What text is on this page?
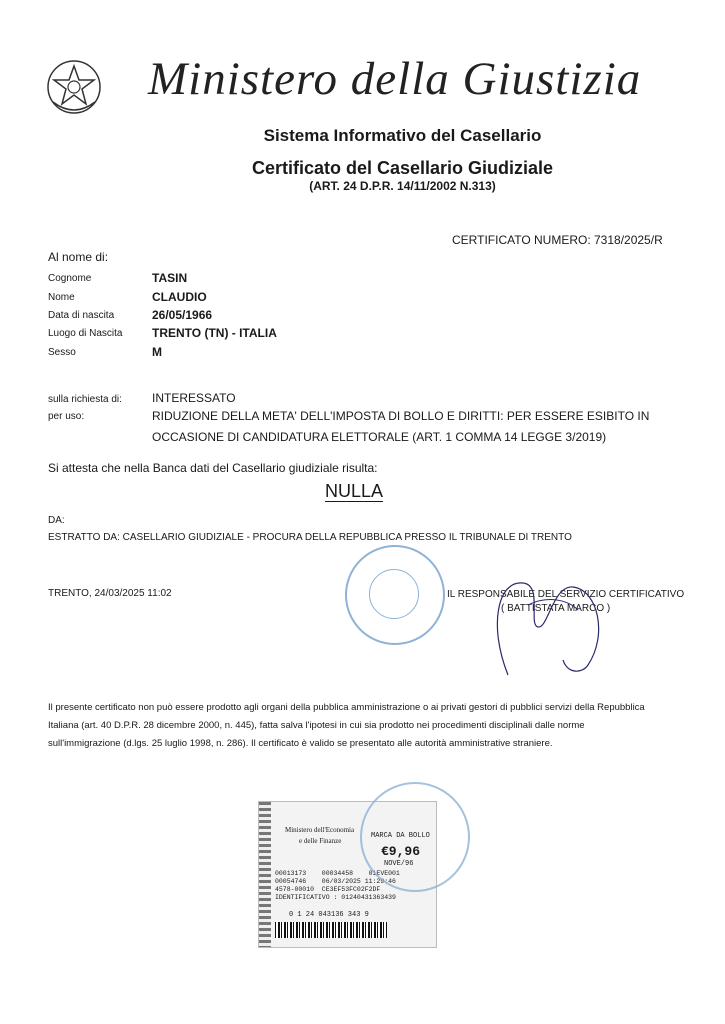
Ministero della Giustizia
Sistema Informativo del Casellario
Certificato del Casellario Giudiziale
(ART. 24 D.P.R. 14/11/2002 N.313)
CERTIFICATO NUMERO: 7318/2025/R
Al nome di:
Cognome	TASIN
Nome	CLAUDIO
Data di nascita	26/05/1966
Luogo di Nascita TRENTO (TN) - ITALIA
Sesso	M
sulla richiesta di:	INTERESSATO
per uso:	RIDUZIONE DELLA META' DELL'IMPOSTA DI BOLLO E DIRITTI: PER ESSERE ESIBITO IN
OCCASIONE DI CANDIDATURA ELETTORALE (ART. 1 COMMA 14 LEGGE 3/2019)
Si attesta che nella Banca dati del Casellario giudiziale risulta:
NULLA
DA:
ESTRATTO DA: CASELLARIO GIUDIZIALE - PROCURA DELLA REPUBBLICA PRESSO IL TRIBUNALE DI TRENTO
TRENTO, 24/03/2025 11:02	IL RESPONSABILE DEL SERVIZIO CERTIFICATIVO
( BATTISTATA MARCO )
Il presente certificato non può essere prodotto agli organi della pubblica amministrazione o ai privati gestori di pubblici servizi della Repubblica
Italiana (art. 40 D.P.R. 28 dicembre 2000, n. 445), fatta salva l'ipotesi in cui sia prodotto nei procedimenti disciplinali dalle norme
sull'immigrazione (d.lgs. 25 luglio 1998, n. 286). Il certificato è valido se presentato alle autorità amministrative straniere.
Ministero dell'Economia
e delle Finanze
MARCA DA BOLLO
€9,96
NOVE/96
00013173    00034458    01EVE001
00054746    06/03/2025 11:29:46
4578-00010  CE3EF53FC02F2DF
IDENTIFICATIVO : 01240431363439
0 1 24 043136 343 9
